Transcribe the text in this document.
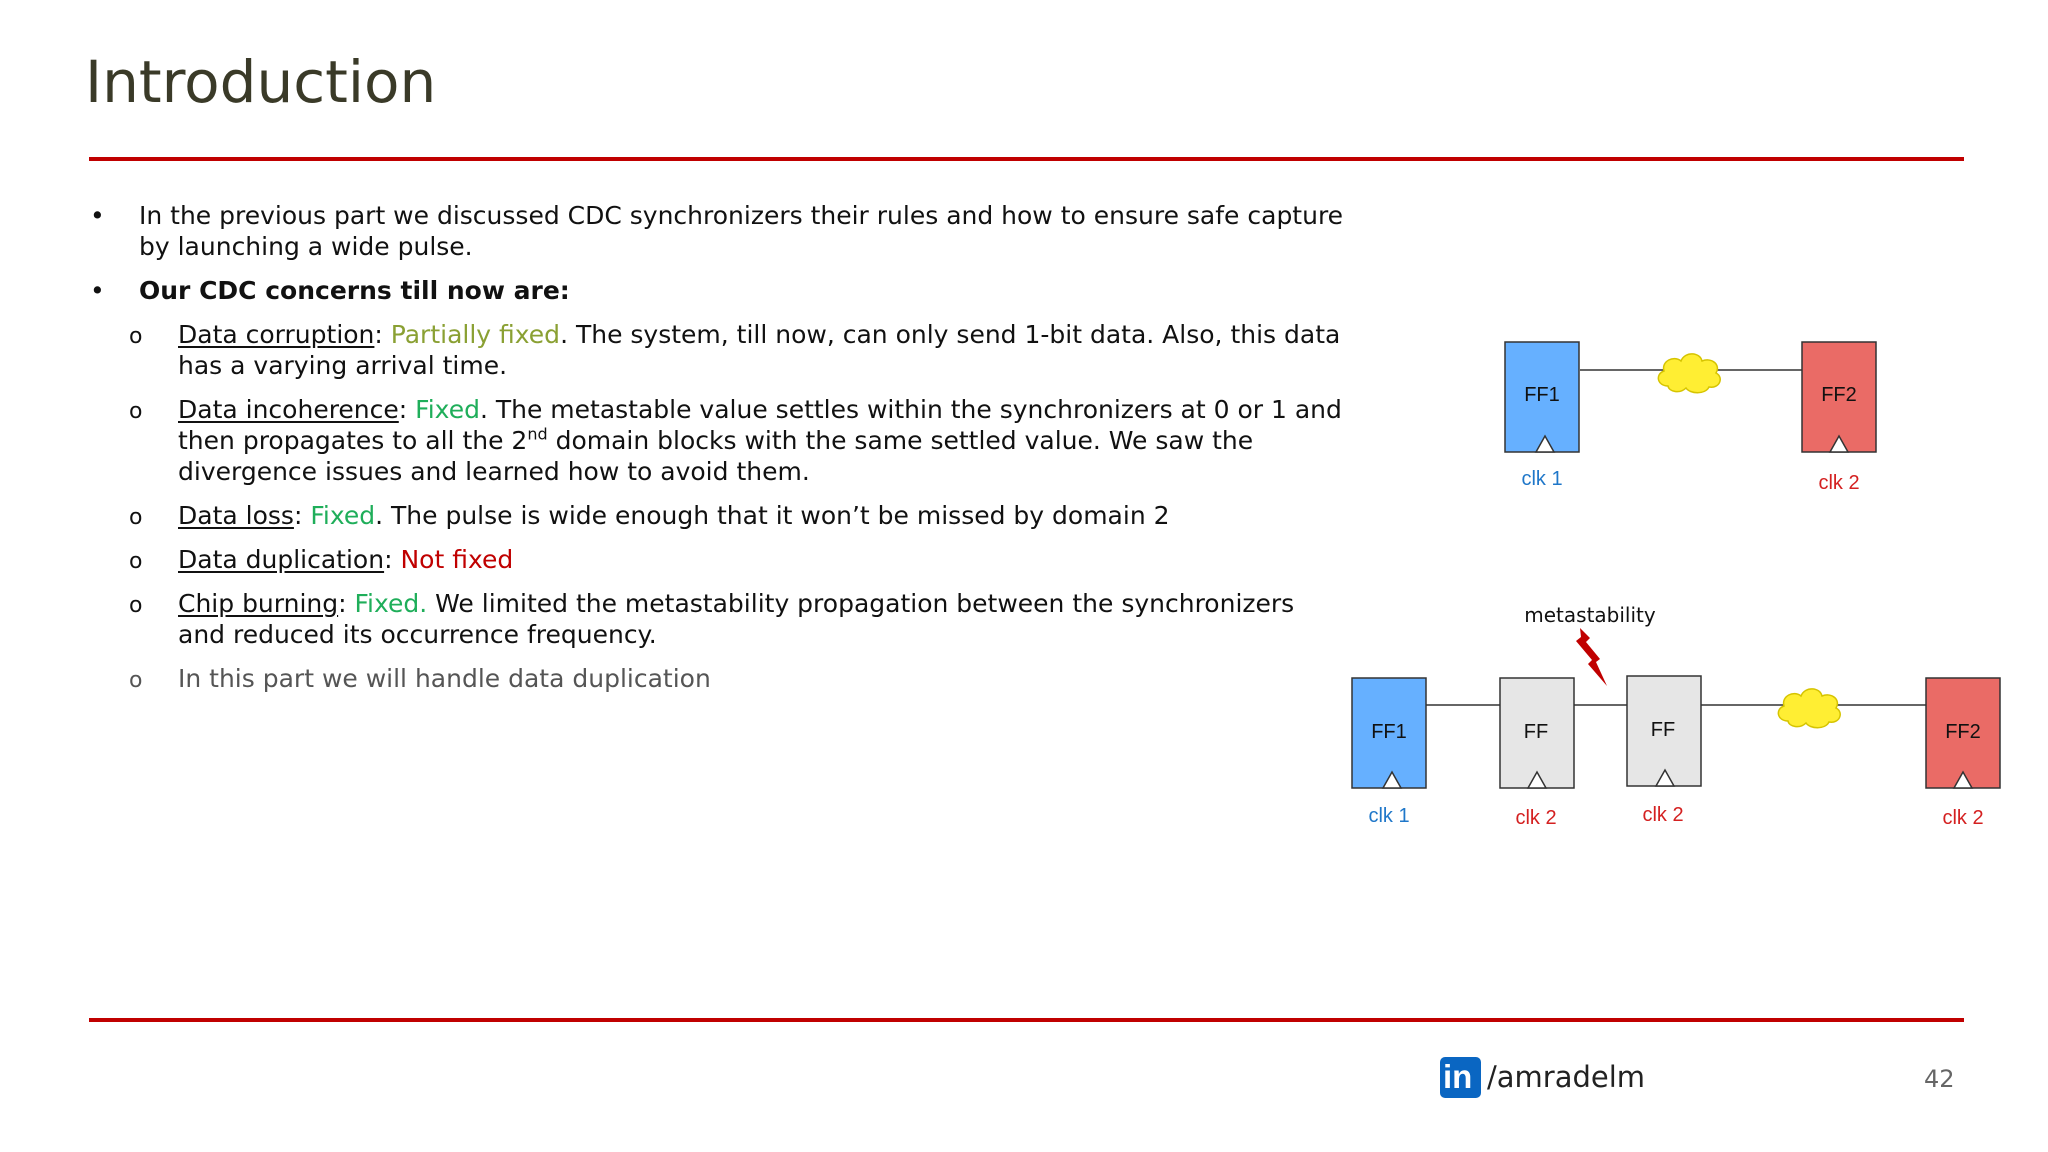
Introduction
• In the previous part we discussed CDC synchronizers their rules and how to ensure safe capture by launching a wide pulse.
• Our CDC concerns till now are:
o Data corruption: Partially fixed. The system, till now, can only send 1-bit data. Also, this data has a varying arrival time.
o Data incoherence: Fixed. The metastable value settles within the synchronizers at 0 or 1 and then propagates to all the 2nd domain blocks with the same settled value. We saw the divergence issues and learned how to avoid them.
o Data loss: Fixed. The pulse is wide enough that it won’t be missed by domain 2
o Data duplication: Not fixed
o Chip burning: Fixed. We limited the metastability propagation between the synchronizers and reduced its occurrence frequency.
o In this part we will handle data duplication
FF1
clk 1
FF2
clk 2
FF1
clk 1
FF
clk 2
FF
clk 2
FF2
clk 2
metastability
in /amradelm	42
